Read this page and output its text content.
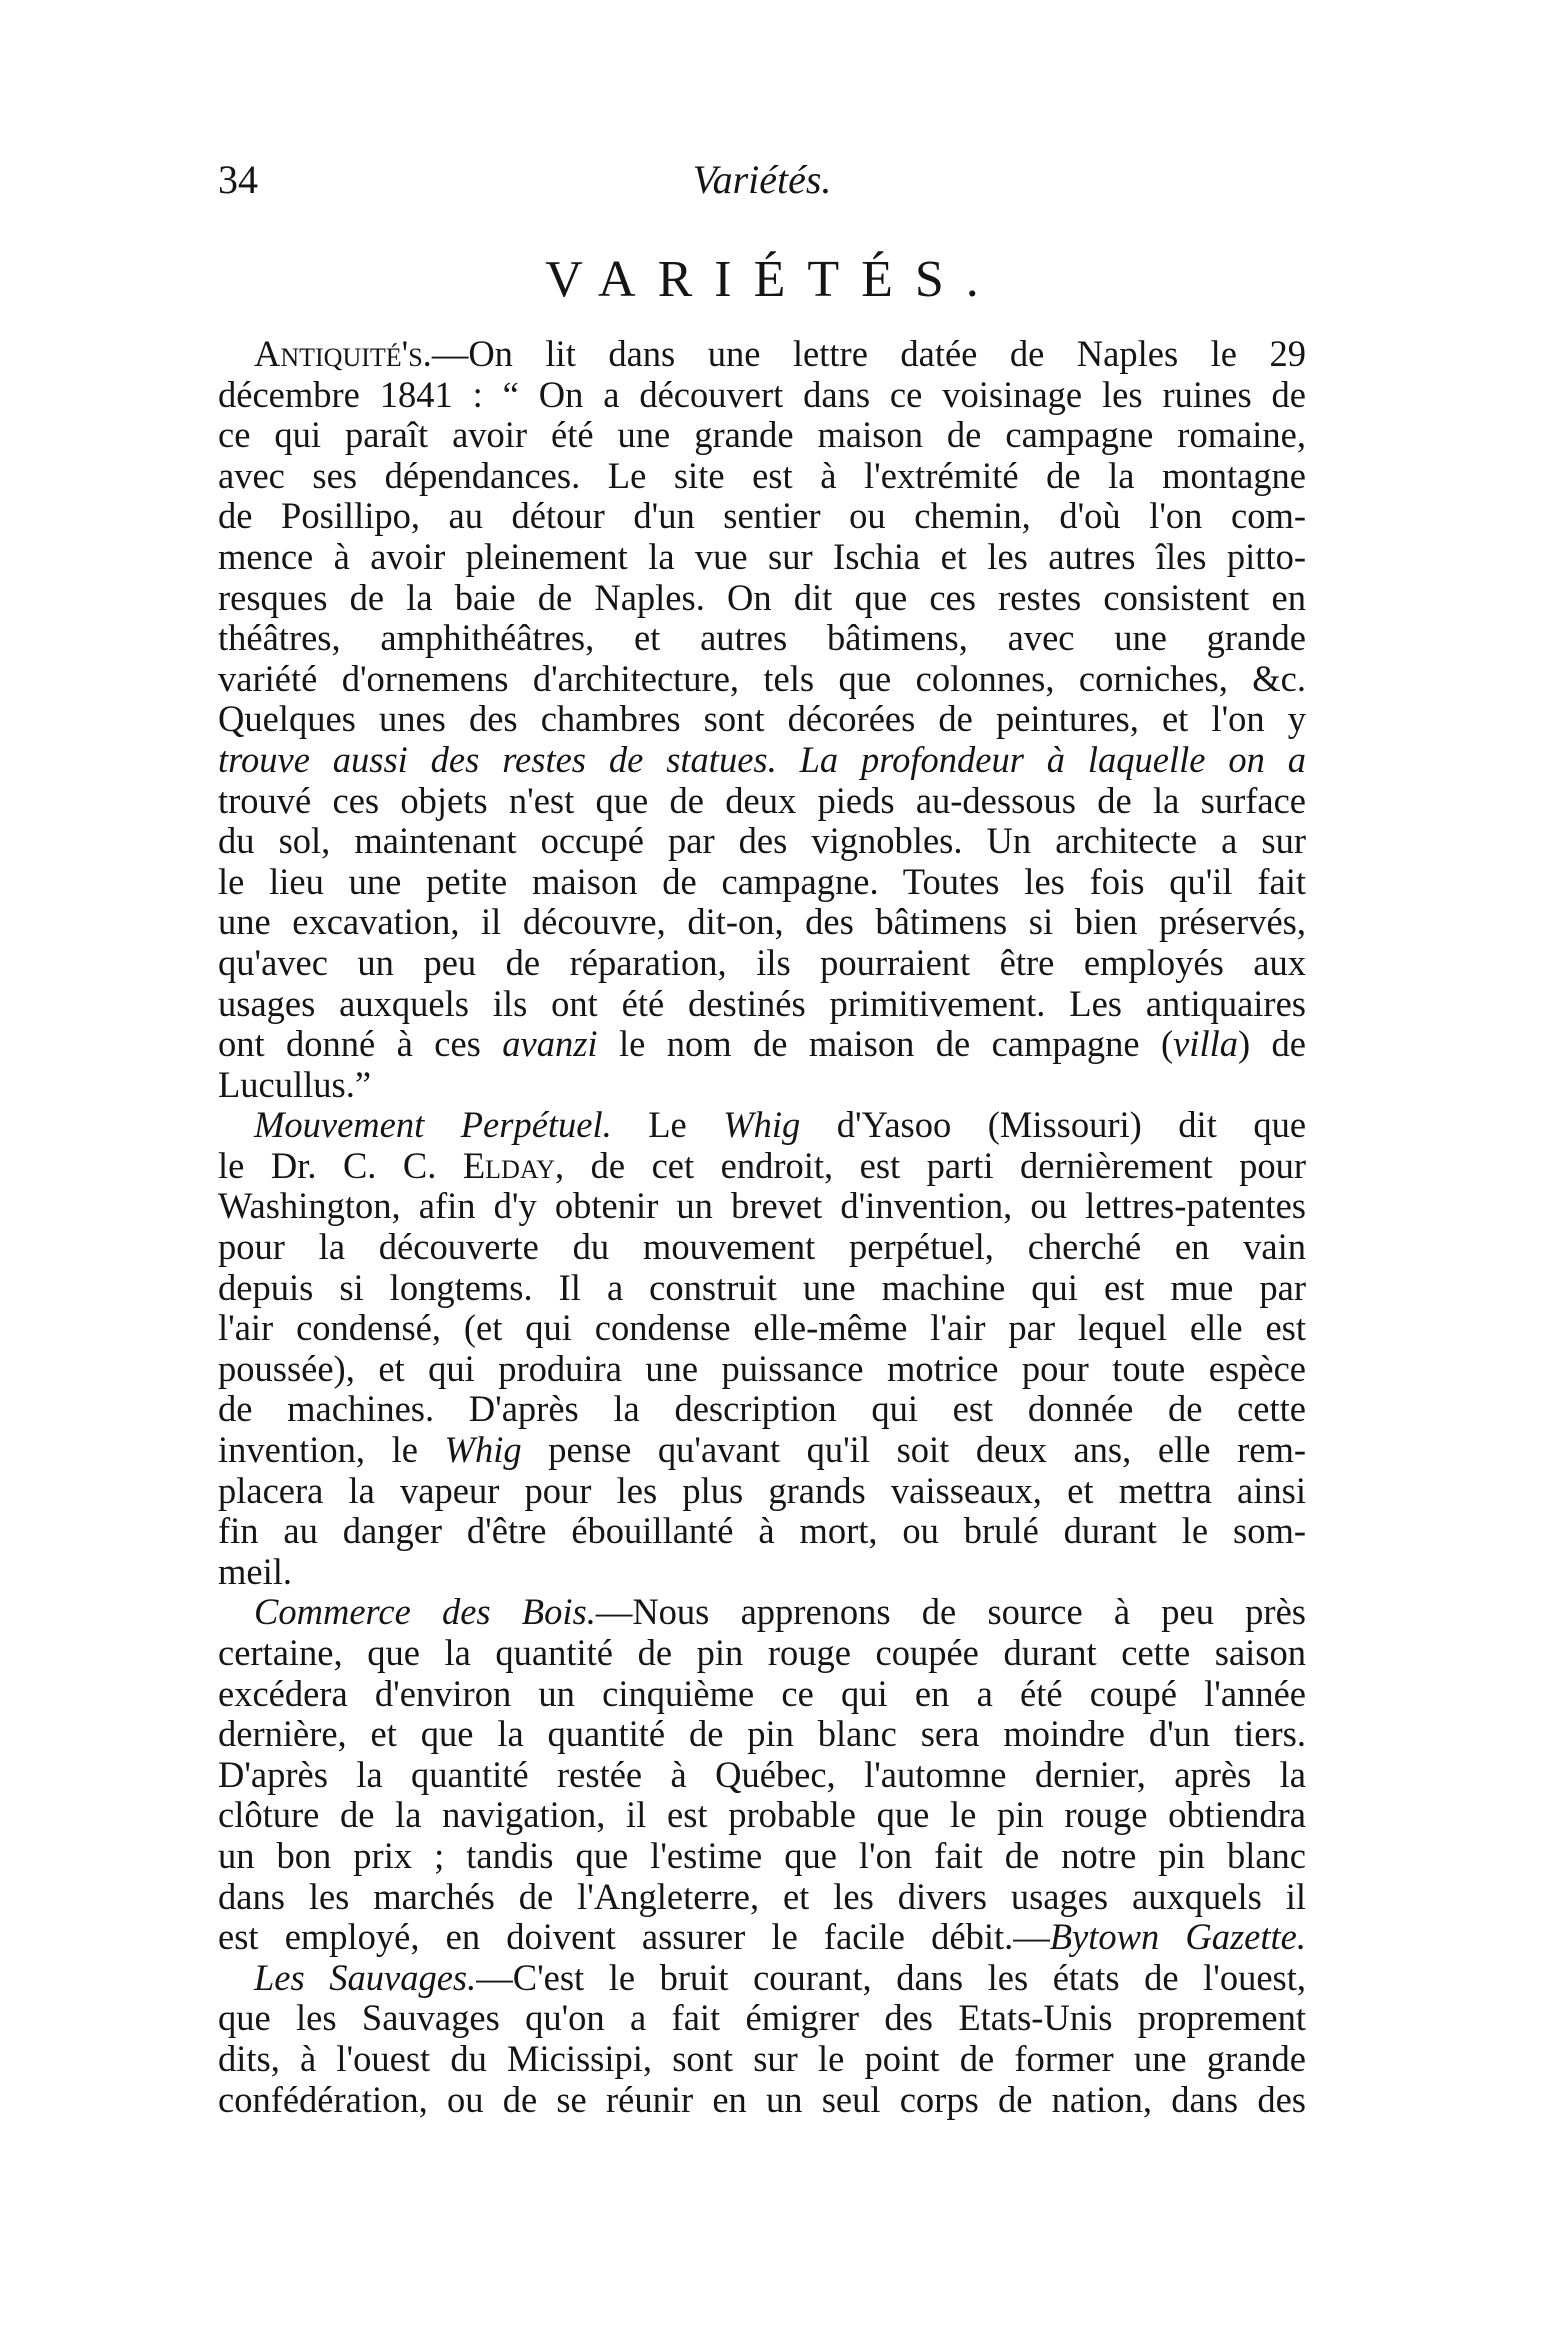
34	Variétés.
VARIÉTÉS.
Antiquité's.—On lit dans une lettre datée de Naples le 29
décembre 1841 : “ On a découvert dans ce voisinage les ruines de
ce qui paraît avoir été une grande maison de campagne romaine,
avec ses dépendances. Le site est à l'extrémité de la montagne
de Posillipo, au détour d'un sentier ou chemin, d'où l'on com-
mence à avoir pleinement la vue sur Ischia et les autres îles pitto-
resques de la baie de Naples. On dit que ces restes consistent en
théâtres, amphithéâtres, et autres bâtimens, avec une grande
variété d'ornemens d'architecture, tels que colonnes, corniches, &c.
Quelques unes des chambres sont décorées de peintures, et l'on y
trouve aussi des restes de statues. La profondeur à laquelle on a
trouvé ces objets n'est que de deux pieds au-dessous de la surface
du sol, maintenant occupé par des vignobles. Un architecte a sur
le lieu une petite maison de campagne. Toutes les fois qu'il fait
une excavation, il découvre, dit-on, des bâtimens si bien préservés,
qu'avec un peu de réparation, ils pourraient être employés aux
usages auxquels ils ont été destinés primitivement. Les antiquaires
ont donné à ces avanzi le nom de maison de campagne (villa) de
Lucullus.”
Mouvement Perpétuel. Le Whig d'Yasoo (Missouri) dit que
le Dr. C. C. Elday, de cet endroit, est parti dernièrement pour
Washington, afin d'y obtenir un brevet d'invention, ou lettres-patentes
pour la découverte du mouvement perpétuel, cherché en vain
depuis si longtems. Il a construit une machine qui est mue par
l'air condensé, (et qui condense elle-même l'air par lequel elle est
poussée), et qui produira une puissance motrice pour toute espèce
de machines. D'après la description qui est donnée de cette
invention, le Whig pense qu'avant qu'il soit deux ans, elle rem-
placera la vapeur pour les plus grands vaisseaux, et mettra ainsi
fin au danger d'être ébouillanté à mort, ou brulé durant le som-
meil.
Commerce des Bois.—Nous apprenons de source à peu près
certaine, que la quantité de pin rouge coupée durant cette saison
excédera d'environ un cinquième ce qui en a été coupé l'année
dernière, et que la quantité de pin blanc sera moindre d'un tiers.
D'après la quantité restée à Québec, l'automne dernier, après la
clôture de la navigation, il est probable que le pin rouge obtiendra
un bon prix ; tandis que l'estime que l'on fait de notre pin blanc
dans les marchés de l'Angleterre, et les divers usages auxquels il
est employé, en doivent assurer le facile débit.—Bytown Gazette.
Les Sauvages.—C'est le bruit courant, dans les états de l'ouest,
que les Sauvages qu'on a fait émigrer des Etats-Unis proprement
dits, à l'ouest du Micissipi, sont sur le point de former une grande
confédération, ou de se réunir en un seul corps de nation, dans des
